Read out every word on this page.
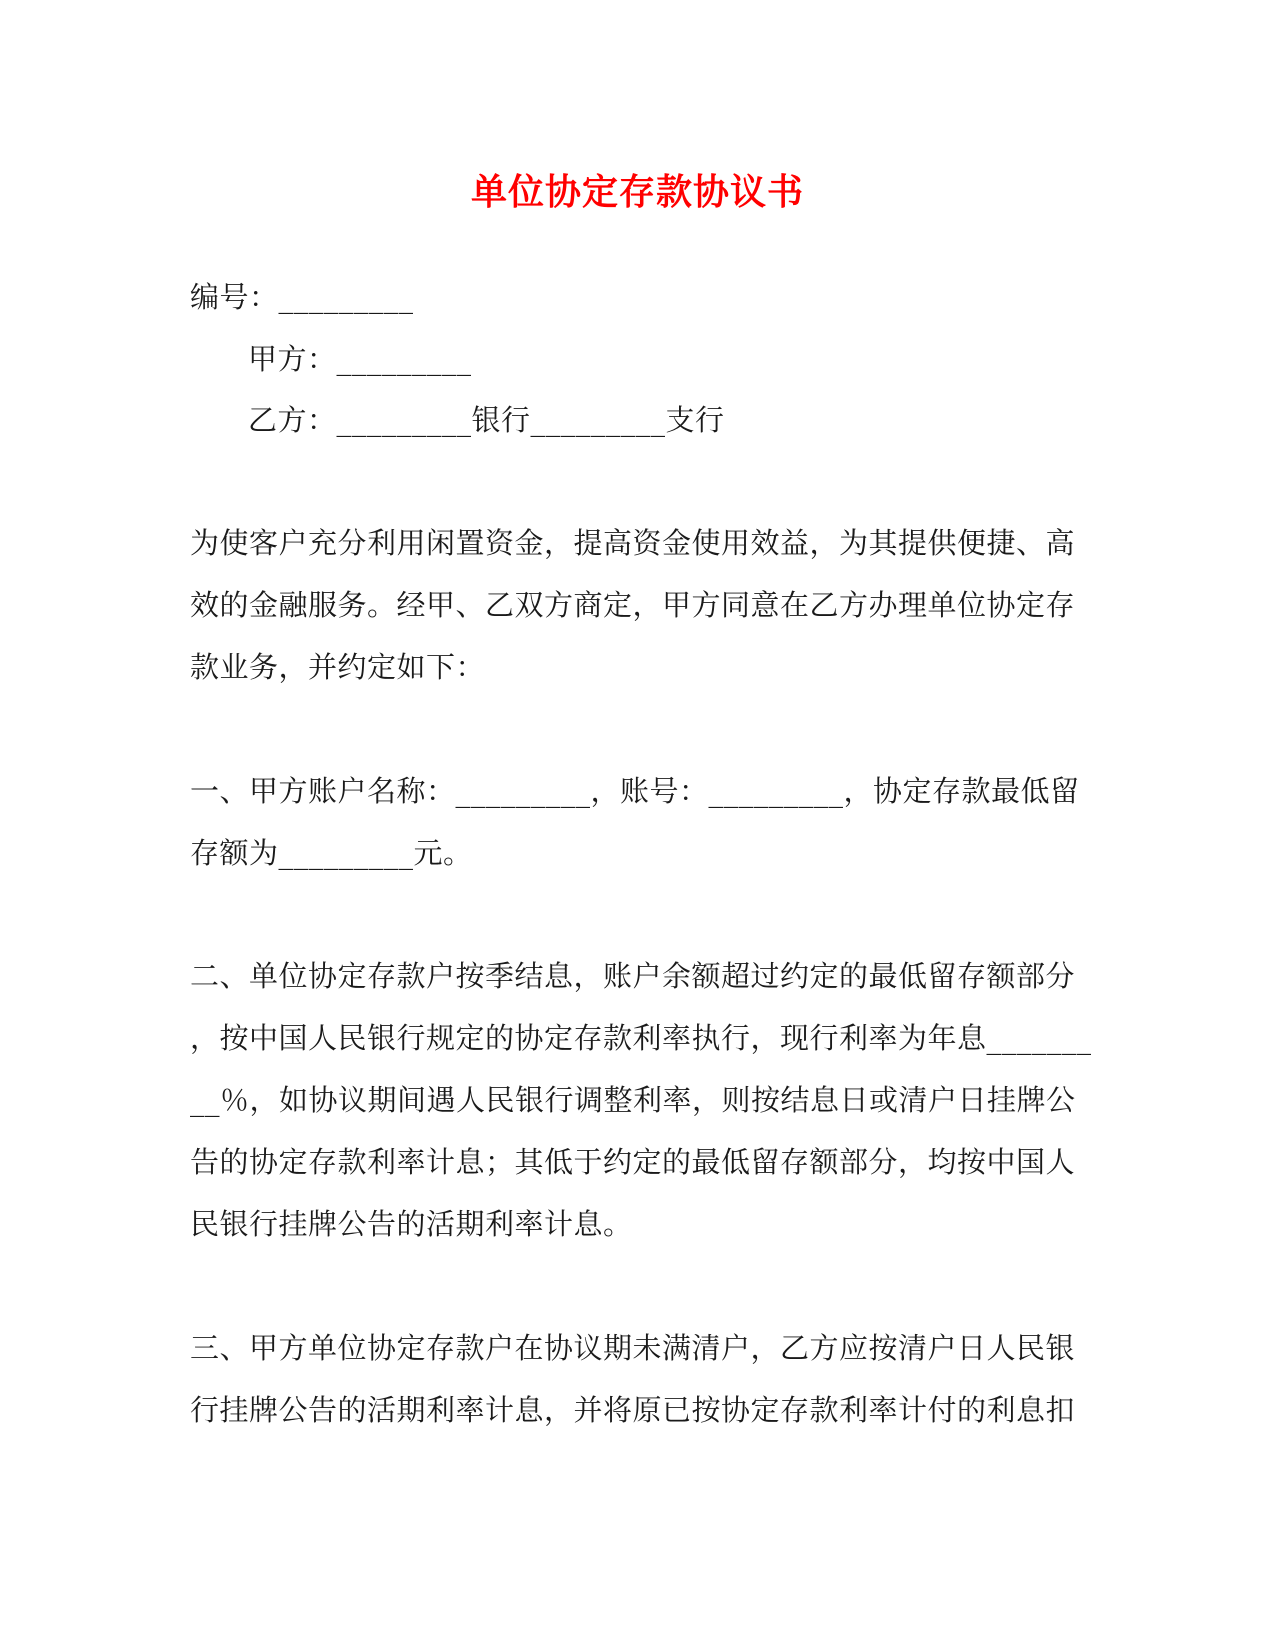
单位协定存款协议书
编号：_________
甲方：_________
乙方：_________银行_________支行
为使客户充分利用闲置资金，提高资金使用效益，为其提供便捷、高
效的金融服务。经甲、乙双方商定，甲方同意在乙方办理单位协定存
款业务，并约定如下：
一、甲方账户名称：_________，账号：_________，协定存款最低留
存额为_________元。
二、单位协定存款户按季结息，账户余额超过约定的最低留存额部分
，按中国人民银行规定的协定存款利率执行，现行利率为年息_______
__％，如协议期间遇人民银行调整利率，则按结息日或清户日挂牌公
告的协定存款利率计息；其低于约定的最低留存额部分，均按中国人
民银行挂牌公告的活期利率计息。
三、甲方单位协定存款户在协议期未满清户，乙方应按清户日人民银
行挂牌公告的活期利率计息，并将原已按协定存款利率计付的利息扣
